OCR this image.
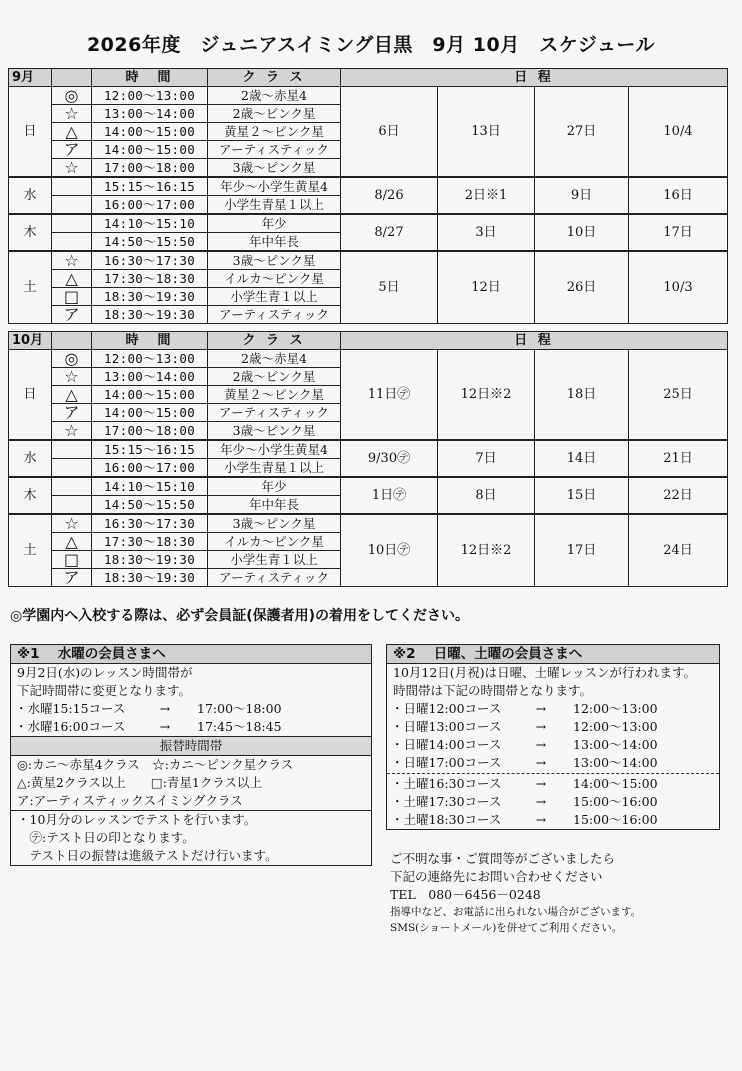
2026年度　ジュニアスイミング目黒　9月 10月　スケジュール
9月		時　間	ク ラ ス	日 程			
日	◎	12:00～13:00	2歳～赤星4	6日	13日	27日	10/4
	☆	13:00～14:00	2歳～ピンク星				
	△	14:00～15:00	黄星２～ピンク星				
	ア	14:00～15:00	アーティスティック				
	☆	17:00～18:00	3歳～ピンク星				
水		15:15～16:15	年少～小学生黄星4	8/26	2日※1	9日	16日
		16:00～17:00	小学生青星１以上				
木		14:10～15:10	年少	8/27	3日	10日	17日
		14:50～15:50	年中年長				
土	☆	16:30～17:30	3歳～ピンク星	5日	12日	26日	10/3
	△	17:30～18:30	イルカ～ピンク星				
	□	18:30～19:30	小学生青１以上				
	ア	18:30～19:30	アーティスティック				
10月		時　間	ク ラ ス	日 程			
日	◎	12:00～13:00	2歳～赤星4	11日㋢	12日※2	18日	25日
	☆	13:00～14:00	2歳～ピンク星				
	△	14:00～15:00	黄星２～ピンク星				
	ア	14:00～15:00	アーティスティック				
	☆	17:00～18:00	3歳～ピンク星				
水		15:15～16:15	年少～小学生黄星4	9/30㋢	7日	14日	21日
		16:00～17:00	小学生青星１以上				
木		14:10～15:10	年少	1日㋢	8日	15日	22日
		14:50～15:50	年中年長				
土	☆	16:30～17:30	3歳～ピンク星	10日㋢	12日※2	17日	24日
	△	17:30～18:30	イルカ～ピンク星				
	□	18:30～19:30	小学生青１以上				
	ア	18:30～19:30	アーティスティック				
◎学園内へ入校する際は、必ず会員証(保護者用)の着用をしてください。
※1　 水曜の会員さまへ
9月2日(水)のレッスン時間帯が
下記時間帯に変更となります。
・水曜15:15コース	→	17:00～18:00
・水曜16:00コース	→	17:45～18:45
振替時間帯
◎:カニ～赤星4クラス　☆:カニ～ピンク星クラス
△:黄星2クラス以上　　□:青星1クラス以上
ア:アーティスティックスイミングクラス
・10月分のレッスンでテストを行います。
　㋢:テスト日の印となります。
　テスト日の振替は進級テストだけ行います。
※2　 日曜、土曜の会員さまへ
10月12日(月祝)は日曜、土曜レッスンが行われます。
時間帯は下記の時間帯となります。
・日曜12:00コース	→	12:00～13:00
・日曜13:00コース	→	12:00～13:00
・日曜14:00コース	→	13:00～14:00
・日曜17:00コース	→	13:00～14:00
・土曜16:30コース	→	14:00～15:00
・土曜17:30コース	→	15:00～16:00
・土曜18:30コース	→	15:00～16:00
ご不明な事・ご質問等がございましたら
下記の連絡先にお問い合わせください
TEL　080－6456－0248
指導中など、お電話に出られない場合がございます。
SMS(ショートメール)を併せてご利用ください。
